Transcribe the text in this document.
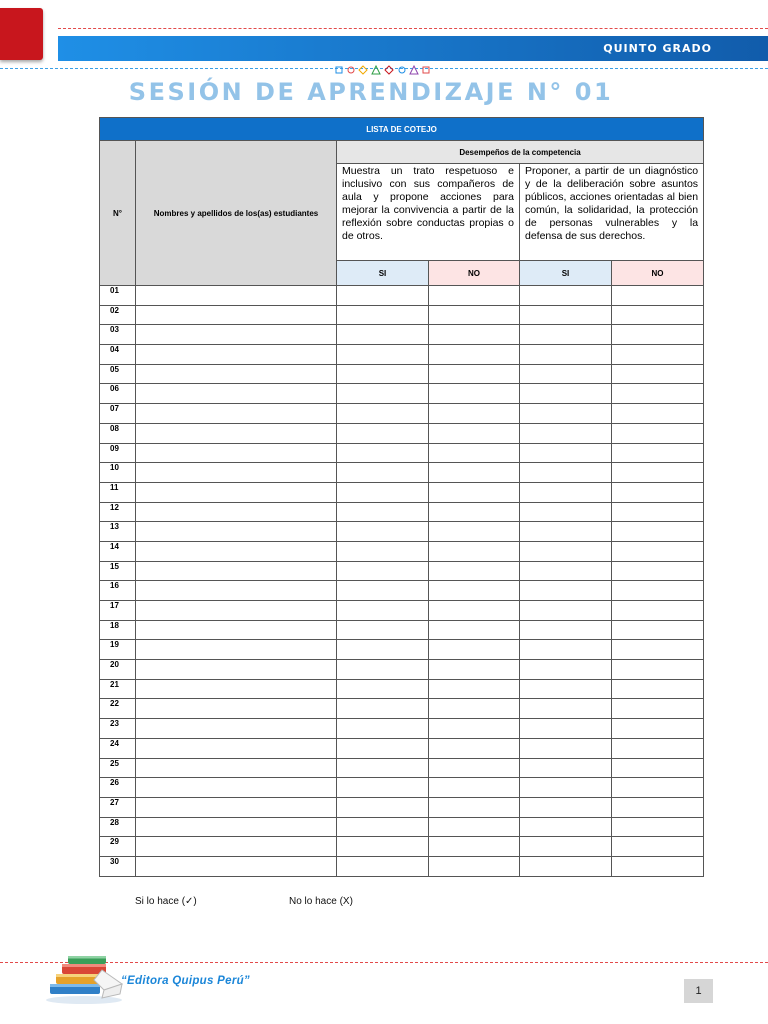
QUINTO GRADO
SESIÓN DE APRENDIZAJE N° 01
LISTA DE COTEJO					
N°	Nombres y apellidos de los(as) estudiantes	Desempeños de la competencia			
		Muestra un trato respetuoso e inclusivo con sus compañeros de aula y propone acciones para mejorar la convivencia a partir de la reflexión sobre conductas propias o de otros.		Proponer, a partir de un diagnóstico y de la deliberación sobre asuntos públicos, acciones orientadas al bien común, la solidaridad, la protección de personas vulnerables y la defensa de sus derechos.	
		SI	NO	SI	NO
01					
02					
03					
04					
05					
06					
07					
08					
09					
10					
11					
12					
13					
14					
15					
16					
17					
18					
19					
20					
21					
22					
23					
24					
25					
26					
27					
28					
29					
30					
Si lo hace (✓)	No lo hace (X)
“Editora Quipus Perú”
1
